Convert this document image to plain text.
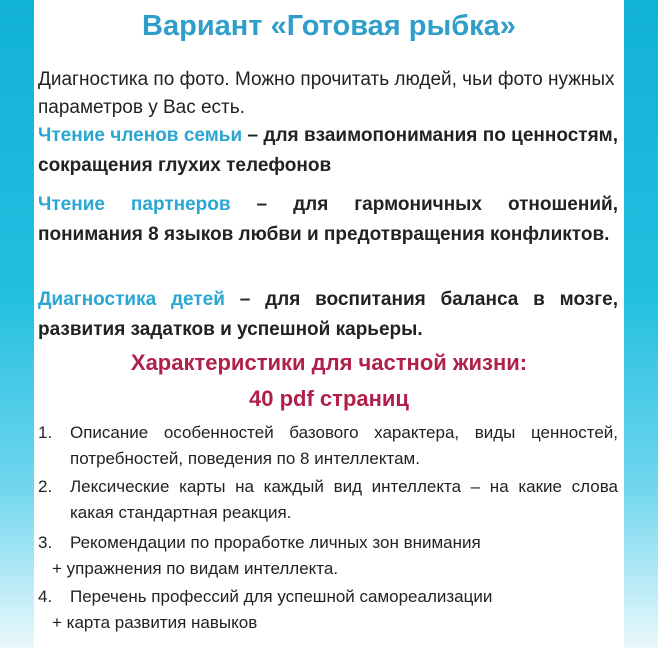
Вариант «Готовая рыбка»
Диагностика по фото. Можно прочитать людей, чьи фото нужных параметров у Вас есть.
Чтение членов семьи – для взаимопонимания по ценностям, сокращения глухих телефонов
Чтение партнеров – для гармоничных отношений, понимания 8 языков любви и предотвращения конфликтов.
Диагностика детей – для воспитания баланса в мозге, развития задатков и успешной карьеры.
Характеристики для частной жизни:
40 pdf страниц
1. Описание особенностей базового характера, виды ценностей, потребностей, поведения по 8 интеллектам.
2. Лексические карты на каждый вид интеллекта – на какие слова какая стандартная реакция.
3.	Рекомендации по проработке личных зон внимания
+ упражнения по видам интеллекта.
4.	Перечень профессий для успешной самореализации
+ карта развития навыков
